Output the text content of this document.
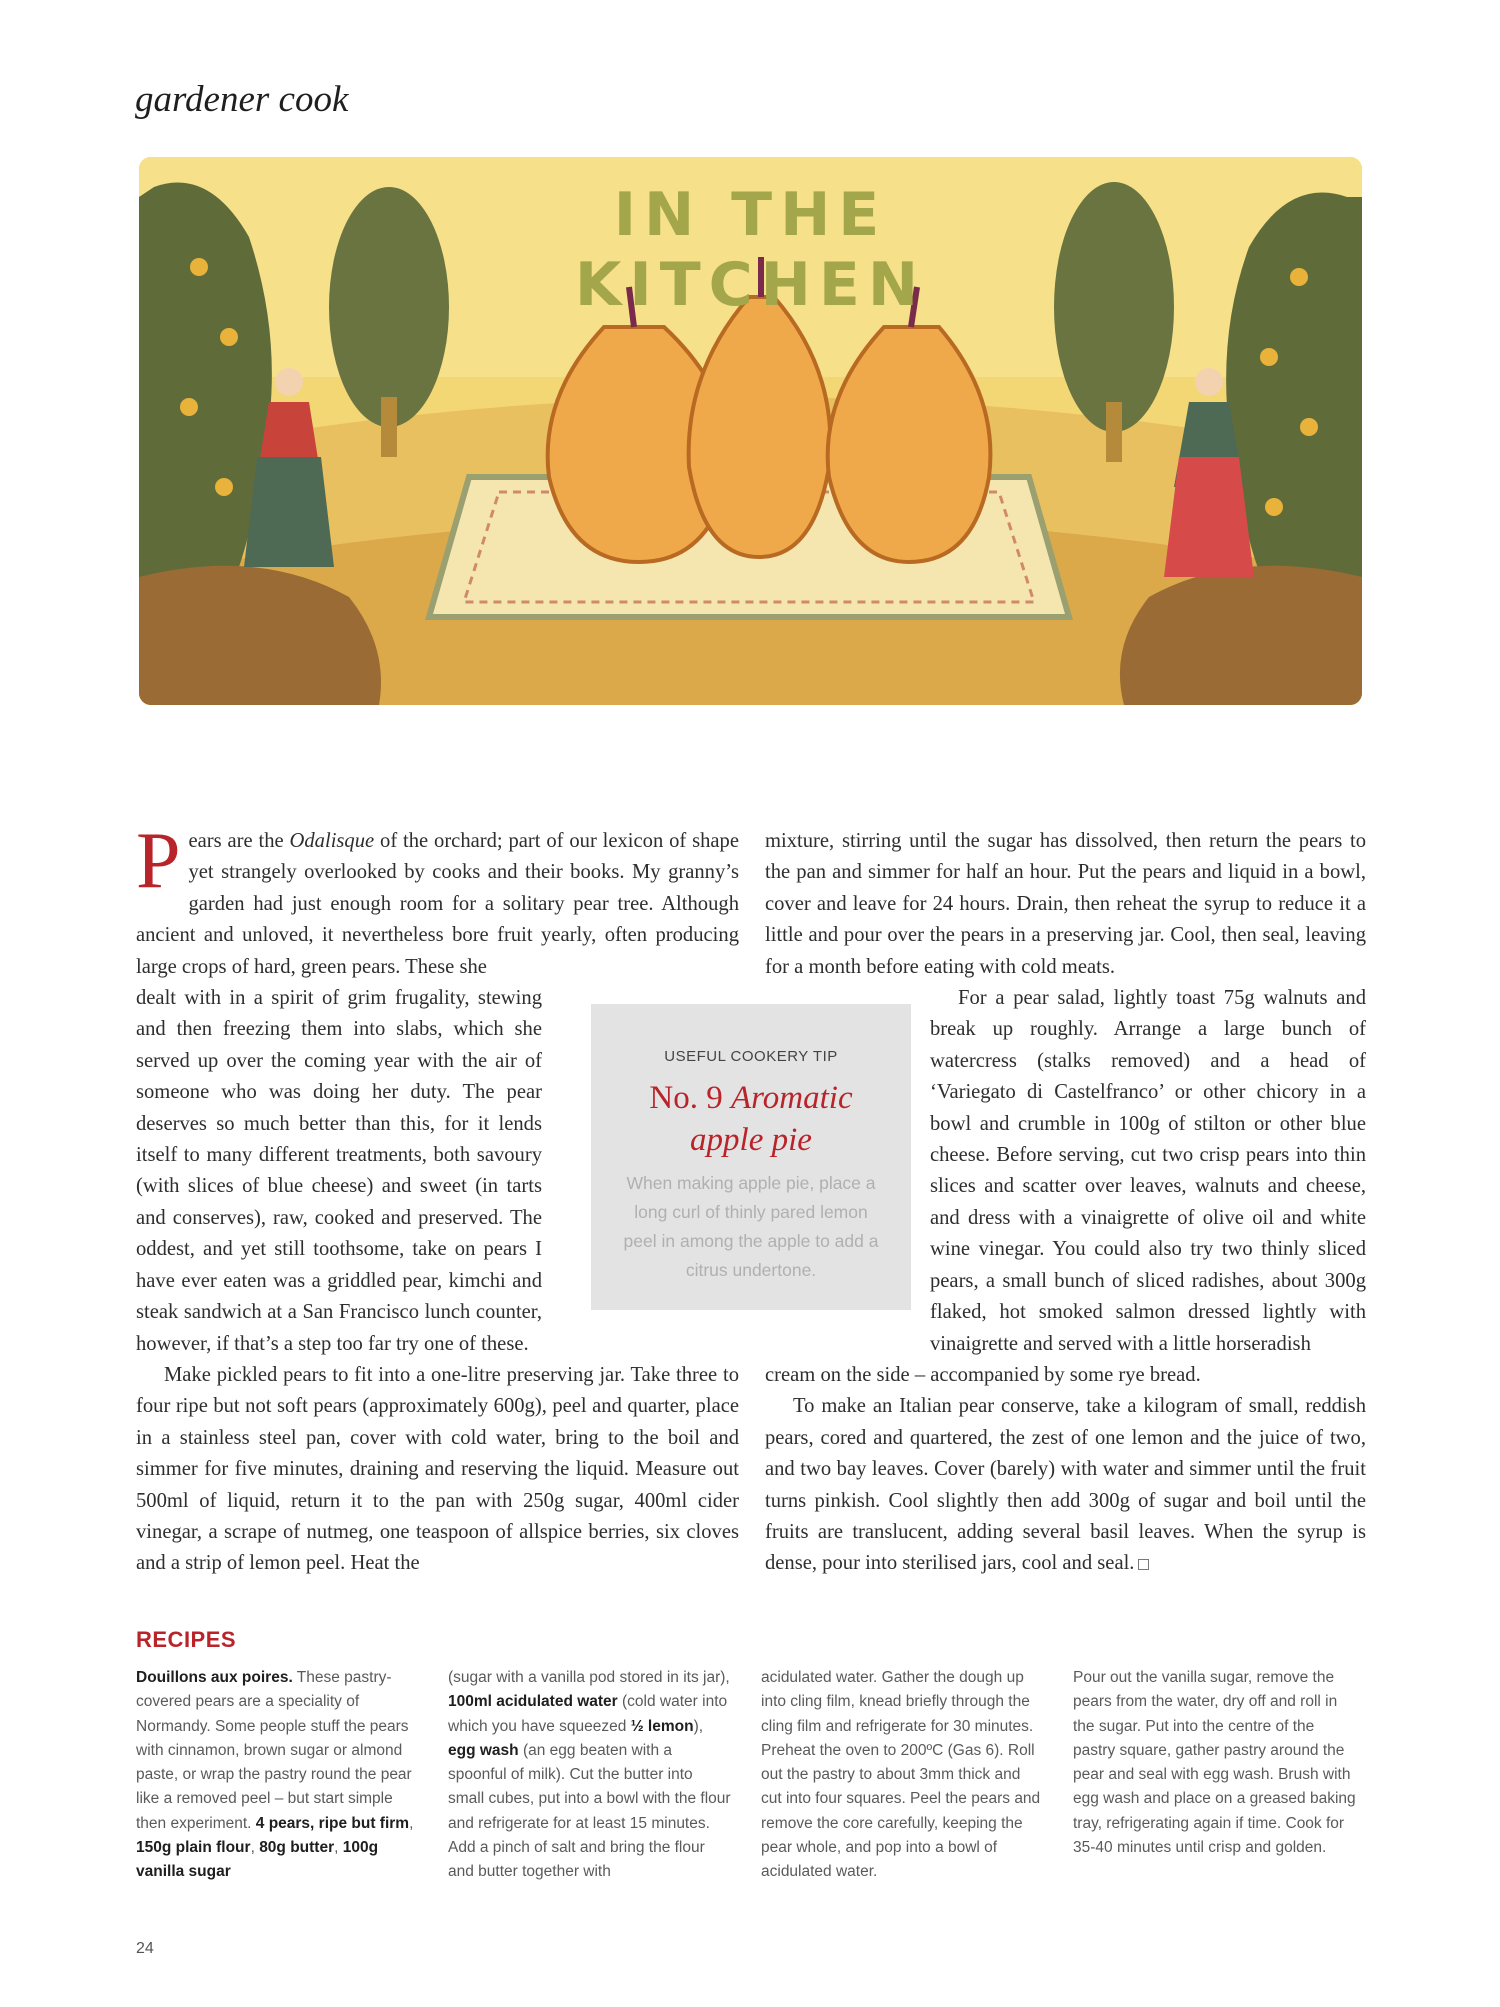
gardener cook
IN THE
KITCHEN

Pears are the Odalisque of the orchard; part of our lexicon of shape yet strangely overlooked by cooks and their books. My granny’s garden had just enough room for a solitary pear tree. Although ancient and unloved, it nevertheless bore fruit yearly, often producing large crops of hard, green pears. These she

dealt with in a spirit of grim frugality, stewing and then freezing them into slabs, which she served up over the coming year with the air of someone who was doing her duty. The pear deserves so much better than this, for it lends itself to many different treatments, both savoury (with slices of blue cheese) and sweet (in tarts and conserves), raw, cooked and preserved. The oddest, and yet still toothsome, take on pears I have ever eaten was a griddled pear, kimchi and steak sandwich at a San Francisco lunch counter, however, if that’s a step too far try one of these.

Make pickled pears to fit into a one-litre preserving jar. Take three to four ripe but not soft pears (approximately 600g), peel and quarter, place in a stainless steel pan, cover with cold water, bring to the boil and simmer for five minutes, draining and reserving the liquid. Measure out 500ml of liquid, return it to the pan with 250g sugar, 400ml cider vinegar, a scrape of nutmeg, one teaspoon of allspice berries, six cloves and a strip of lemon peel. Heat the

mixture, stirring until the sugar has dissolved, then return the pears to the pan and simmer for half an hour. Put the pears and liquid in a bowl, cover and leave for 24 hours. Drain, then reheat the syrup to reduce it a little and pour over the pears in a preserving jar. Cool, then seal, leaving for a month before eating with cold meats.

For a pear salad, lightly toast 75g walnuts and break up roughly. Arrange a large bunch of watercress (stalks removed) and a head of ‘Variegato di Castelfranco’ or other chicory in a bowl and crumble in 100g of stilton or other blue cheese. Before serving, cut two crisp pears into thin slices and scatter over leaves, walnuts and cheese, and dress with a vinaigrette of olive oil and white wine vinegar. You could also try two thinly sliced pears, a small bunch of sliced radishes, about 300g flaked, hot smoked salmon dressed lightly with vinaigrette and served with a little horseradish

cream on the side – accompanied by some rye bread.

To make an Italian pear conserve, take a kilogram of small, reddish pears, cored and quartered, the zest of one lemon and the juice of two, and two bay leaves. Cover (barely) with water and simmer until the fruit turns pinkish. Cool slightly then add 300g of sugar and boil until the fruits are translucent, adding several basil leaves. When the syrup is dense, pour into sterilised jars, cool and seal.

USEFUL COOKERY TIP
No. 9 Aromatic
apple pie
When making apple pie, place a long curl of thinly pared lemon peel in among the apple to add a citrus undertone.
RECIPES
Douillons aux poires. These pastry-covered pears are a speciality of Normandy. Some people stuff the pears with cinnamon, brown sugar or almond paste, or wrap the pastry round the pear like a removed peel – but start simple then experiment. 4 pears, ripe but firm, 150g plain flour, 80g butter, 100g vanilla sugar
(sugar with a vanilla pod stored in its jar), 100ml acidulated water (cold water into which you have squeezed ½ lemon), egg wash (an egg beaten with a spoonful of milk). Cut the butter into small cubes, put into a bowl with the flour and refrigerate for at least 15 minutes. Add a pinch of salt and bring the flour and butter together with
acidulated water. Gather the dough up into cling film, knead briefly through the cling film and refrigerate for 30 minutes. Preheat the oven to 200ºC (Gas 6). Roll out the pastry to about 3mm thick and cut into four squares. Peel the pears and remove the core carefully, keeping the pear whole, and pop into a bowl of acidulated water.
Pour out the vanilla sugar, remove the pears from the water, dry off and roll in the sugar. Put into the centre of the pastry square, gather pastry around the pear and seal with egg wash. Brush with egg wash and place on a greased baking tray, refrigerating again if time. Cook for 35-40 minutes until crisp and golden.
24
